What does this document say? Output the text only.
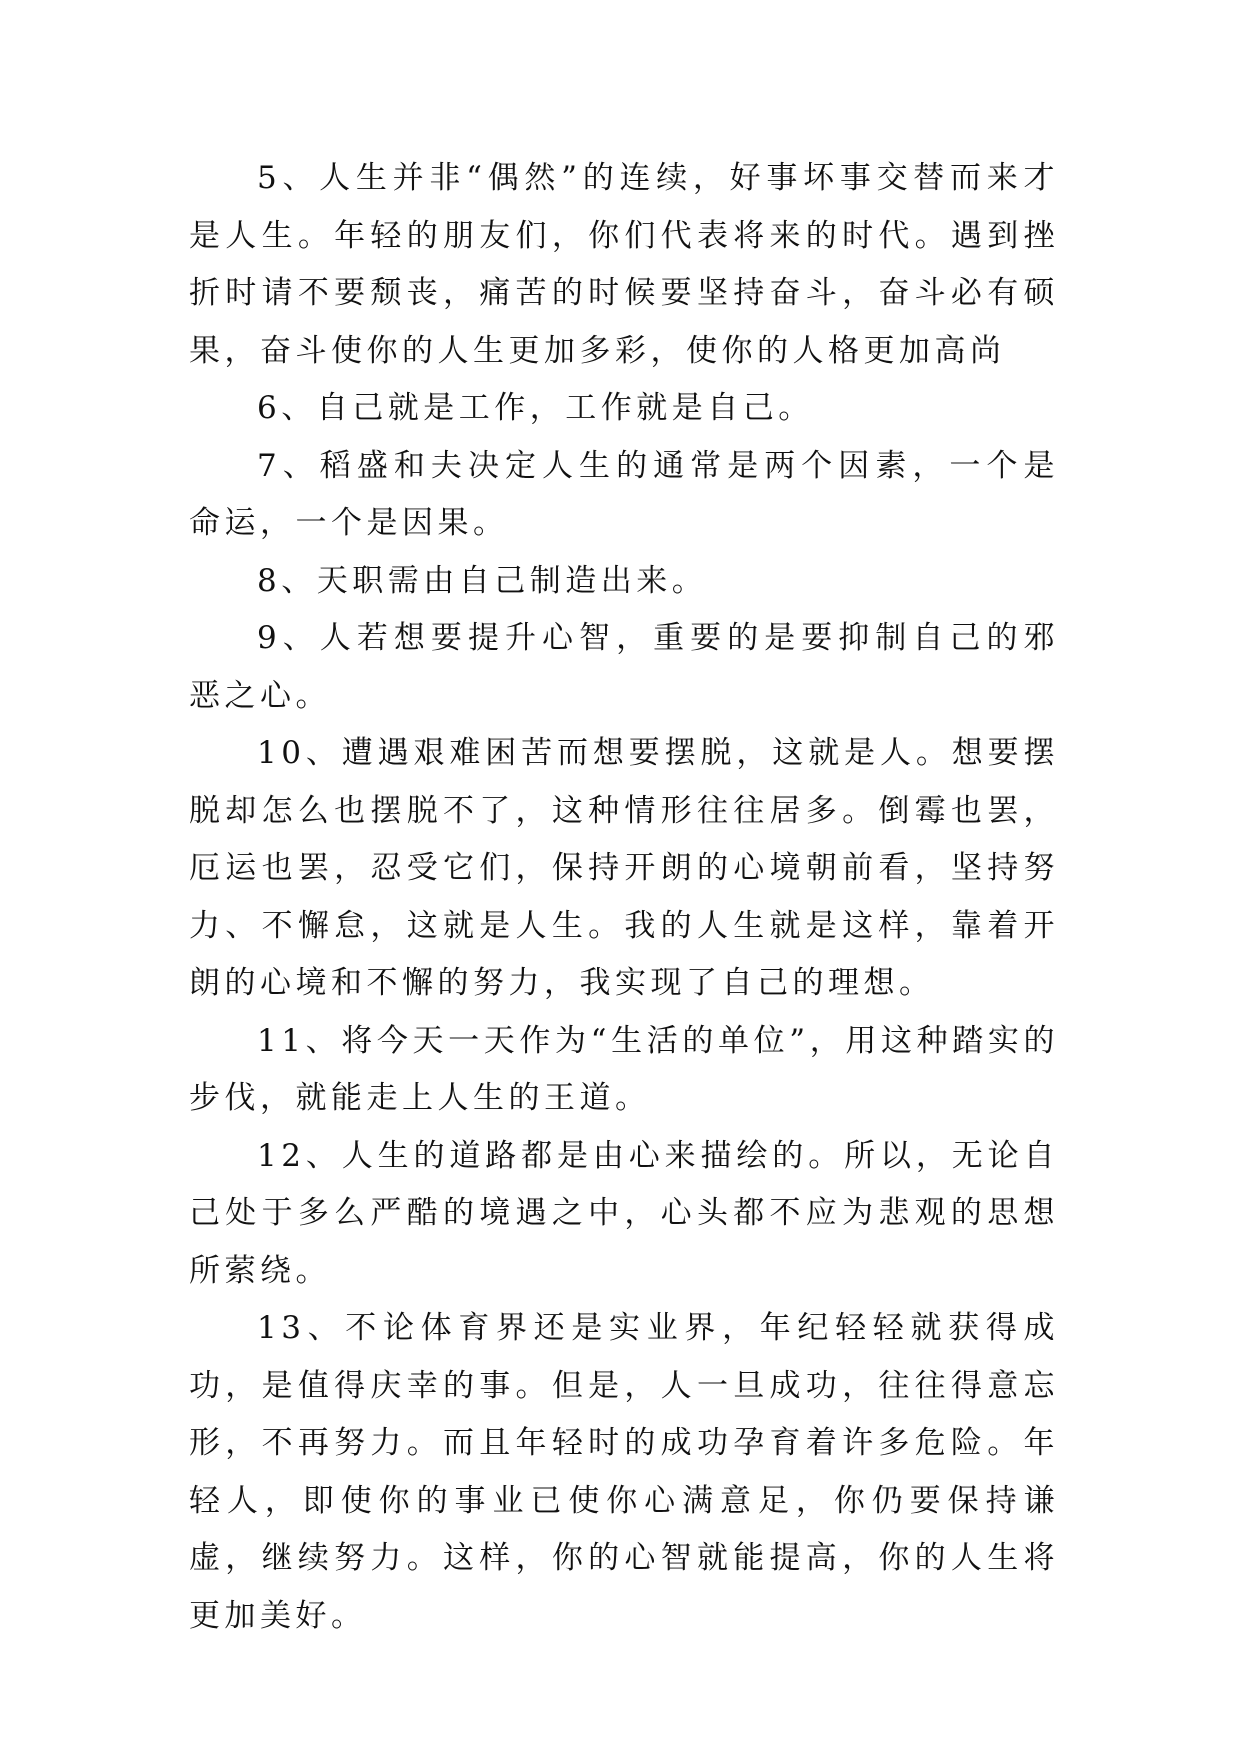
5、人生并非“偶然”的连续，好事坏事交替而来才是人生。年轻的朋友们，你们代表将来的时代。遇到挫折时请不要颓丧，痛苦的时候要坚持奋斗，奋斗必有硕果，奋斗使你的人生更加多彩，使你的人格更加高尚

6、自己就是工作，工作就是自己。

7、稻盛和夫决定人生的通常是两个因素，一个是命运，一个是因果。

8、天职需由自己制造出来。

9、人若想要提升心智，重要的是要抑制自己的邪恶之心。

10、遭遇艰难困苦而想要摆脱，这就是人。想要摆脱却怎么也摆脱不了，这种情形往往居多。倒霉也罢，厄运也罢，忍受它们，保持开朗的心境朝前看，坚持努力、不懈怠，这就是人生。我的人生就是这样，靠着开朗的心境和不懈的努力，我实现了自己的理想。

11、将今天一天作为“生活的单位”，用这种踏实的步伐，就能走上人生的王道。

12、人生的道路都是由心来描绘的。所以，无论自己处于多么严酷的境遇之中，心头都不应为悲观的思想所萦绕。

13、不论体育界还是实业界，年纪轻轻就获得成功，是值得庆幸的事。但是，人一旦成功，往往得意忘形，不再努力。而且年轻时的成功孕育着许多危险。年轻人，即使你的事业已使你心满意足，你仍要保持谦虚，继续努力。这样，你的心智就能提高，你的人生将更加美好。
